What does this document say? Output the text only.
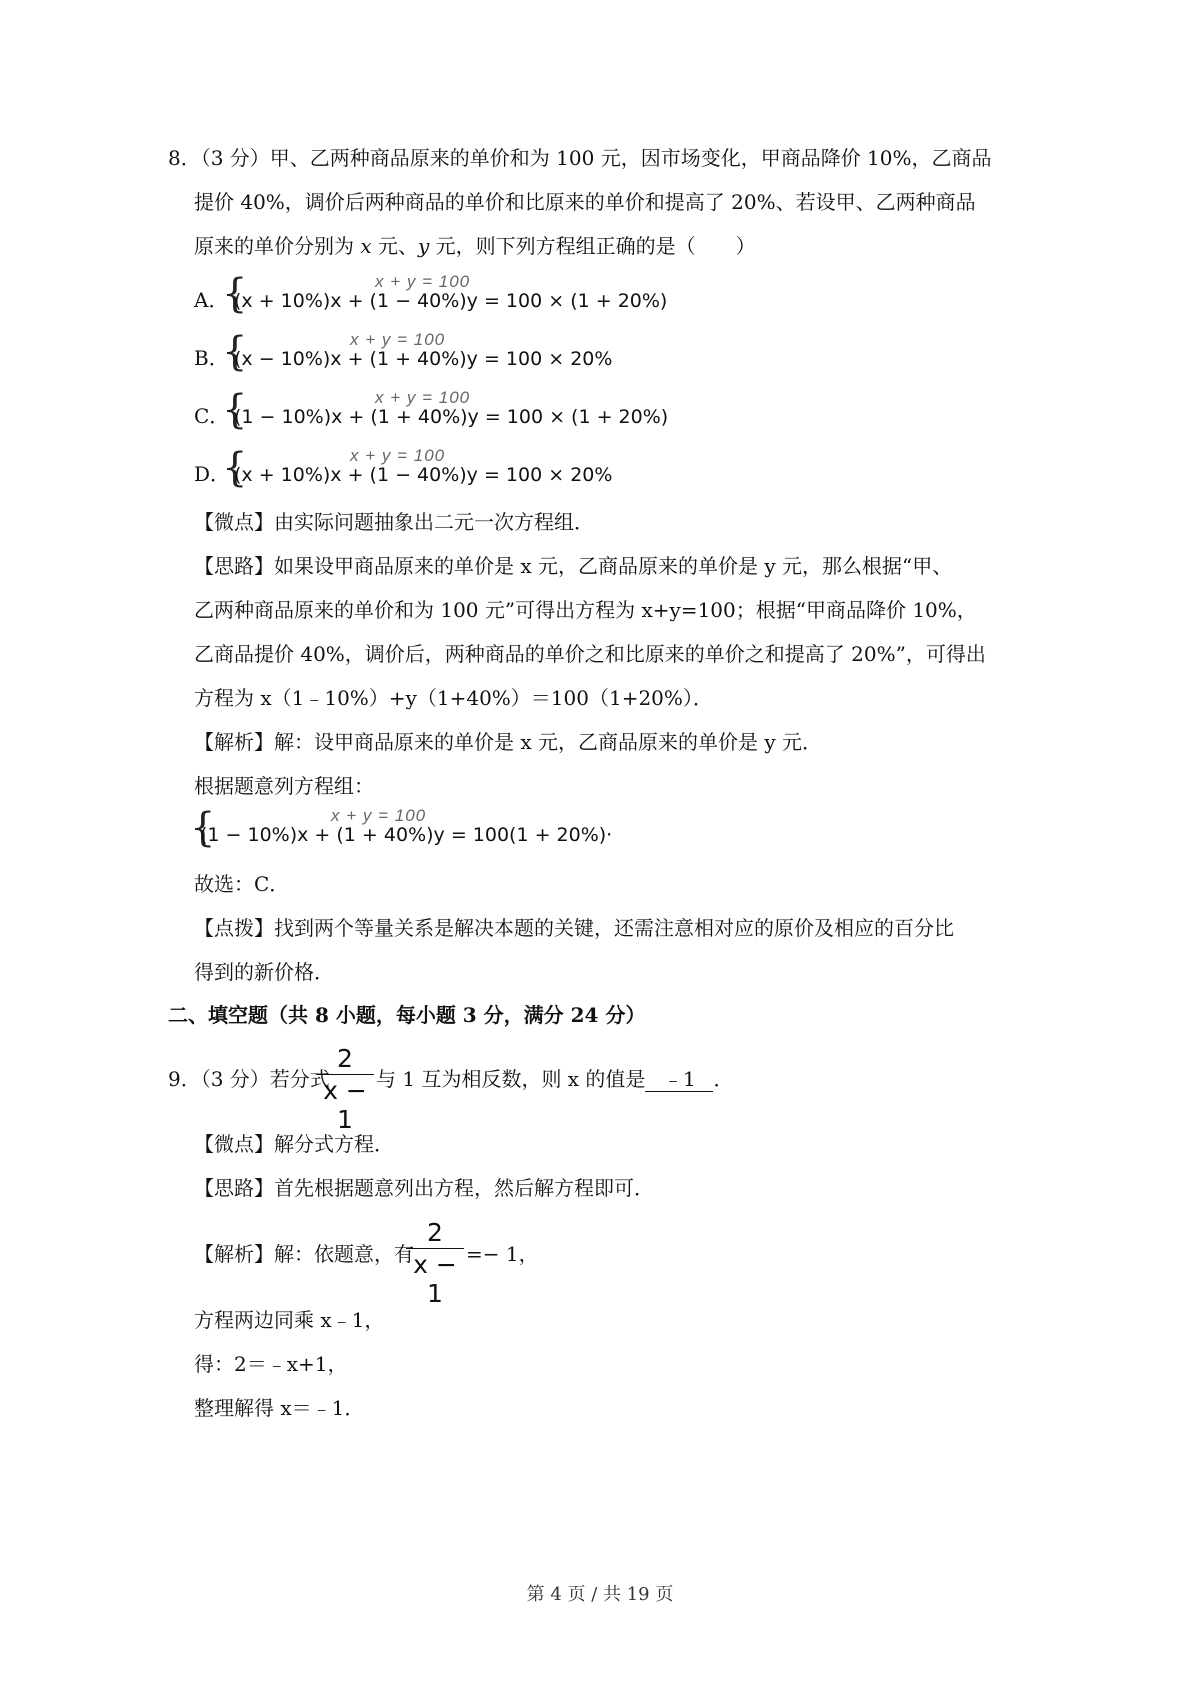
8．（3 分）甲、乙两种商品原来的单价和为 100 元，因市场变化，甲商品降价 10%，乙商品
提价 40%，调价后两种商品的单价和比原来的单价和提高了 20%、若设甲、乙两种商品
原来的单价分别为 x 元、y 元，则下列方程组正确的是（　　）
A．
{	x + y = 100
(x + 10%)x + (1 − 40%)y = 100 × (1 + 20%)
B．
{	x + y = 100
(x − 10%)x + (1 + 40%)y = 100 × 20%
C．
{	x + y = 100
(1 − 10%)x + (1 + 40%)y = 100 × (1 + 20%)
D．
{	x + y = 100
(x + 10%)x + (1 − 40%)y = 100 × 20%
【微点】由实际问题抽象出二元一次方程组．
【思路】如果设甲商品原来的单价是 x 元，乙商品原来的单价是 y 元，那么根据“甲、
乙两种商品原来的单价和为 100 元”可得出方程为 x+y=100；根据“甲商品降价 10%，
乙商品提价 40%，调价后，两种商品的单价之和比原来的单价之和提高了 20%”，可得出
方程为 x（1﹣10%）+y（1+40%）＝100（1+20%）．
【解析】解：设甲商品原来的单价是 x 元，乙商品原来的单价是 y 元．
根据题意列方程组：
{	x + y = 100
(1 − 10%)x + (1 + 40%)y = 100(1 + 20%)·
故选：C．
【点拨】找到两个等量关系是解决本题的关键，还需注意相对应的原价及相应的百分比
得到的新价格．
二、填空题（共 8 小题，每小题 3 分，满分 24 分）
9．（3 分）若分式
2
x − 1
与 1 互为相反数，则 x 的值是 ﹣1 ．
【微点】解分式方程．
【思路】首先根据题意列出方程，然后解方程即可．
【解析】解：依题意，有
2
x − 1
=− 1，
方程两边同乘 x﹣1，
得：2＝﹣x+1，
整理解得 x＝﹣1．
第 4 页 / 共 19 页
